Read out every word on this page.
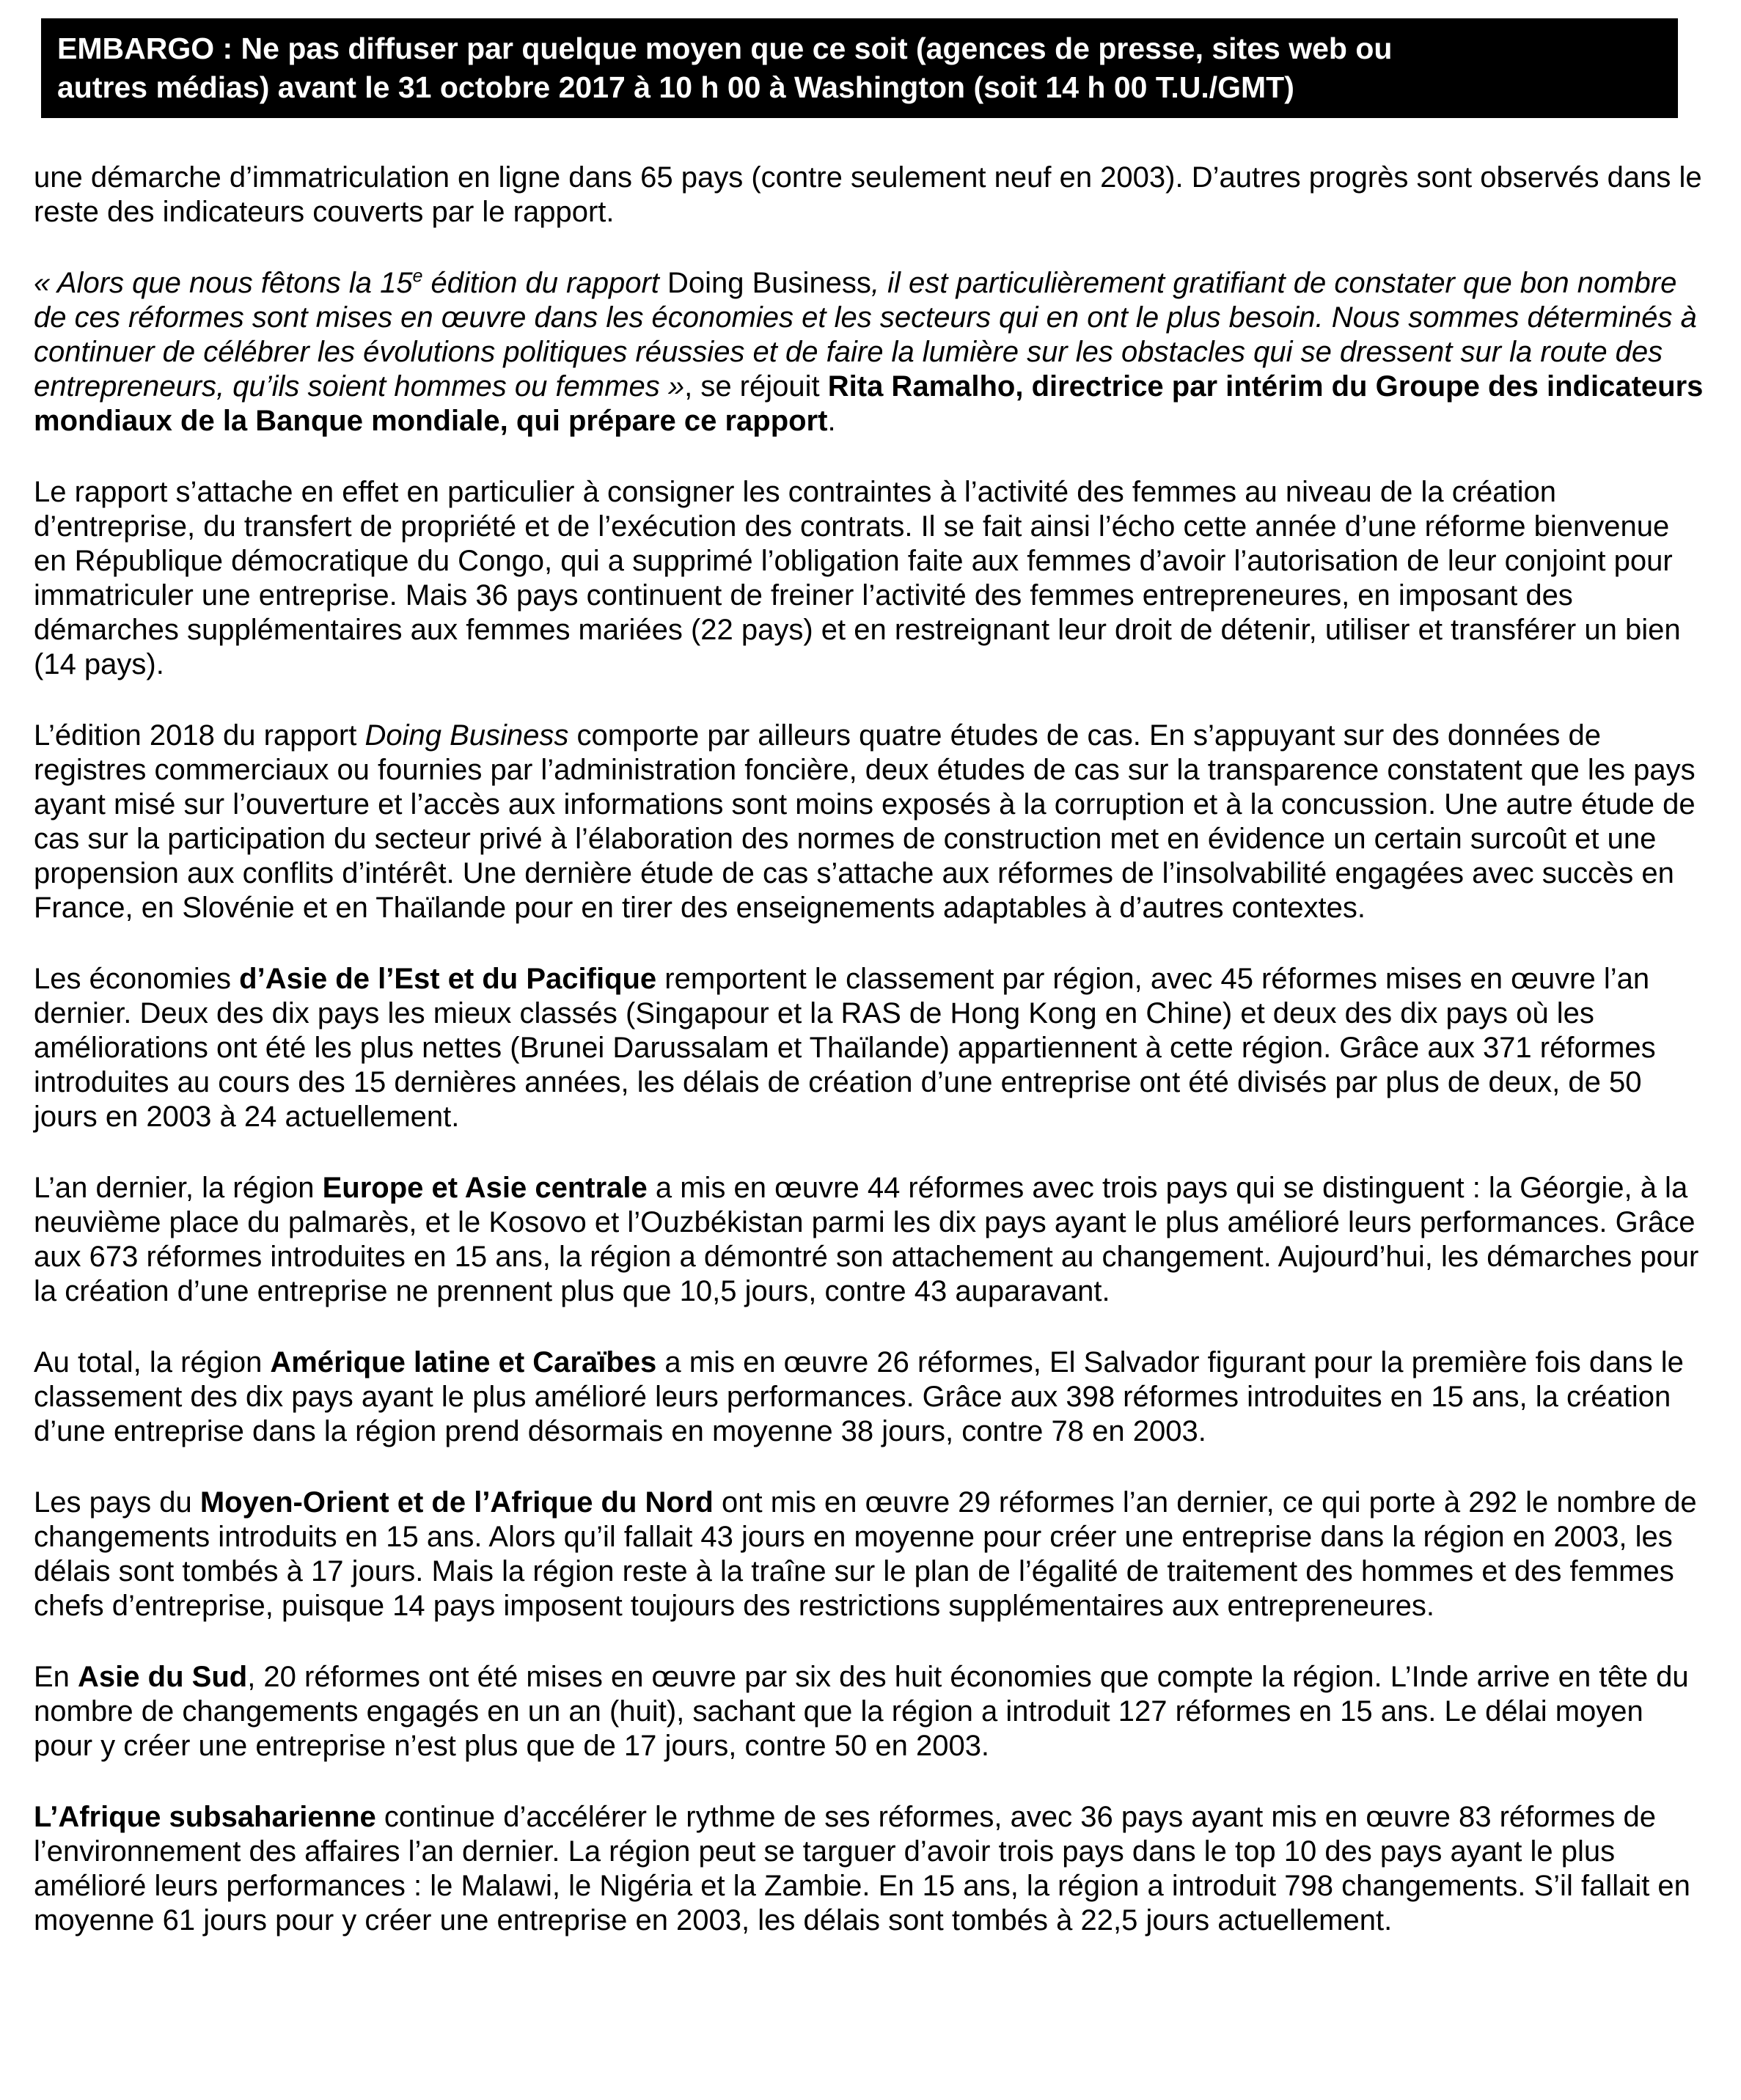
EMBARGO : Ne pas diffuser par quelque moyen que ce soit (agences de presse, sites web ou
autres médias) avant le 31 octobre 2017 à 10 h 00 à Washington (soit 14 h 00 T.U./GMT)

une démarche d’immatriculation en ligne dans 65 pays (contre seulement neuf en 2003). D’autres progrès sont observés dans le reste des indicateurs couverts par le rapport.

« Alors que nous fêtons la 15e édition du rapport Doing Business, il est particulièrement gratifiant de constater que bon nombre de ces réformes sont mises en œuvre dans les économies et les secteurs qui en ont le plus besoin. Nous sommes déterminés à continuer de célébrer les évolutions politiques réussies et de faire la lumière sur les obstacles qui se dressent sur la route des entrepreneurs, qu’ils soient hommes ou femmes », se réjouit Rita Ramalho, directrice par intérim du Groupe des indicateurs mondiaux de la Banque mondiale, qui prépare ce rapport.

Le rapport s’attache en effet en particulier à consigner les contraintes à l’activité des femmes au niveau de la création d’entreprise, du transfert de propriété et de l’exécution des contrats. Il se fait ainsi l’écho cette année d’une réforme bienvenue en République démocratique du Congo, qui a supprimé l’obligation faite aux femmes d’avoir l’autorisation de leur conjoint pour immatriculer une entreprise. Mais 36 pays continuent de freiner l’activité des femmes entrepreneures, en imposant des démarches supplémentaires aux femmes mariées (22 pays) et en restreignant leur droit de détenir, utiliser et transférer un bien (14 pays).

L’édition 2018 du rapport Doing Business comporte par ailleurs quatre études de cas. En s’appuyant sur des données de registres commerciaux ou fournies par l’administration foncière, deux études de cas sur la transparence constatent que les pays ayant misé sur l’ouverture et l’accès aux informations sont moins exposés à la corruption et à la concussion. Une autre étude de cas sur la participation du secteur privé à l’élaboration des normes de construction met en évidence un certain surcoût et une propension aux conflits d’intérêt. Une dernière étude de cas s’attache aux réformes de l’insolvabilité engagées avec succès en France, en Slovénie et en Thaïlande pour en tirer des enseignements adaptables à d’autres contextes.

Les économies d’Asie de l’Est et du Pacifique remportent le classement par région, avec 45 réformes mises en œuvre l’an dernier. Deux des dix pays les mieux classés (Singapour et la RAS de Hong Kong en Chine) et deux des dix pays où les améliorations ont été les plus nettes (Brunei Darussalam et Thaïlande) appartiennent à cette région. Grâce aux 371 réformes introduites au cours des 15 dernières années, les délais de création d’une entreprise ont été divisés par plus de deux, de 50 jours en 2003 à 24 actuellement.

L’an dernier, la région Europe et Asie centrale a mis en œuvre 44 réformes avec trois pays qui se distinguent : la Géorgie, à la neuvième place du palmarès, et le Kosovo et l’Ouzbékistan parmi les dix pays ayant le plus amélioré leurs performances. Grâce aux 673 réformes introduites en 15 ans, la région a démontré son attachement au changement. Aujourd’hui, les démarches pour la création d’une entreprise ne prennent plus que 10,5 jours, contre 43 auparavant.

Au total, la région Amérique latine et Caraïbes a mis en œuvre 26 réformes, El Salvador figurant pour la première fois dans le classement des dix pays ayant le plus amélioré leurs performances. Grâce aux 398 réformes introduites en 15 ans, la création d’une entreprise dans la région prend désormais en moyenne 38 jours, contre 78 en 2003.

Les pays du Moyen-Orient et de l’Afrique du Nord ont mis en œuvre 29 réformes l’an dernier, ce qui porte à 292 le nombre de changements introduits en 15 ans. Alors qu’il fallait 43 jours en moyenne pour créer une entreprise dans la région en 2003, les délais sont tombés à 17 jours. Mais la région reste à la traîne sur le plan de l’égalité de traitement des hommes et des femmes chefs d’entreprise, puisque 14 pays imposent toujours des restrictions supplémentaires aux entrepreneures.

En Asie du Sud, 20 réformes ont été mises en œuvre par six des huit économies que compte la région. L’Inde arrive en tête du nombre de changements engagés en un an (huit), sachant que la région a introduit 127 réformes en 15 ans. Le délai moyen pour y créer une entreprise n’est plus que de 17 jours, contre 50 en 2003.

L’Afrique subsaharienne continue d’accélérer le rythme de ses réformes, avec 36 pays ayant mis en œuvre 83 réformes de l’environnement des affaires l’an dernier. La région peut se targuer d’avoir trois pays dans le top 10 des pays ayant le plus amélioré leurs performances : le Malawi, le Nigéria et la Zambie. En 15 ans, la région a introduit 798 changements. S’il fallait en moyenne 61 jours pour y créer une entreprise en 2003, les délais sont tombés à 22,5 jours actuellement.
